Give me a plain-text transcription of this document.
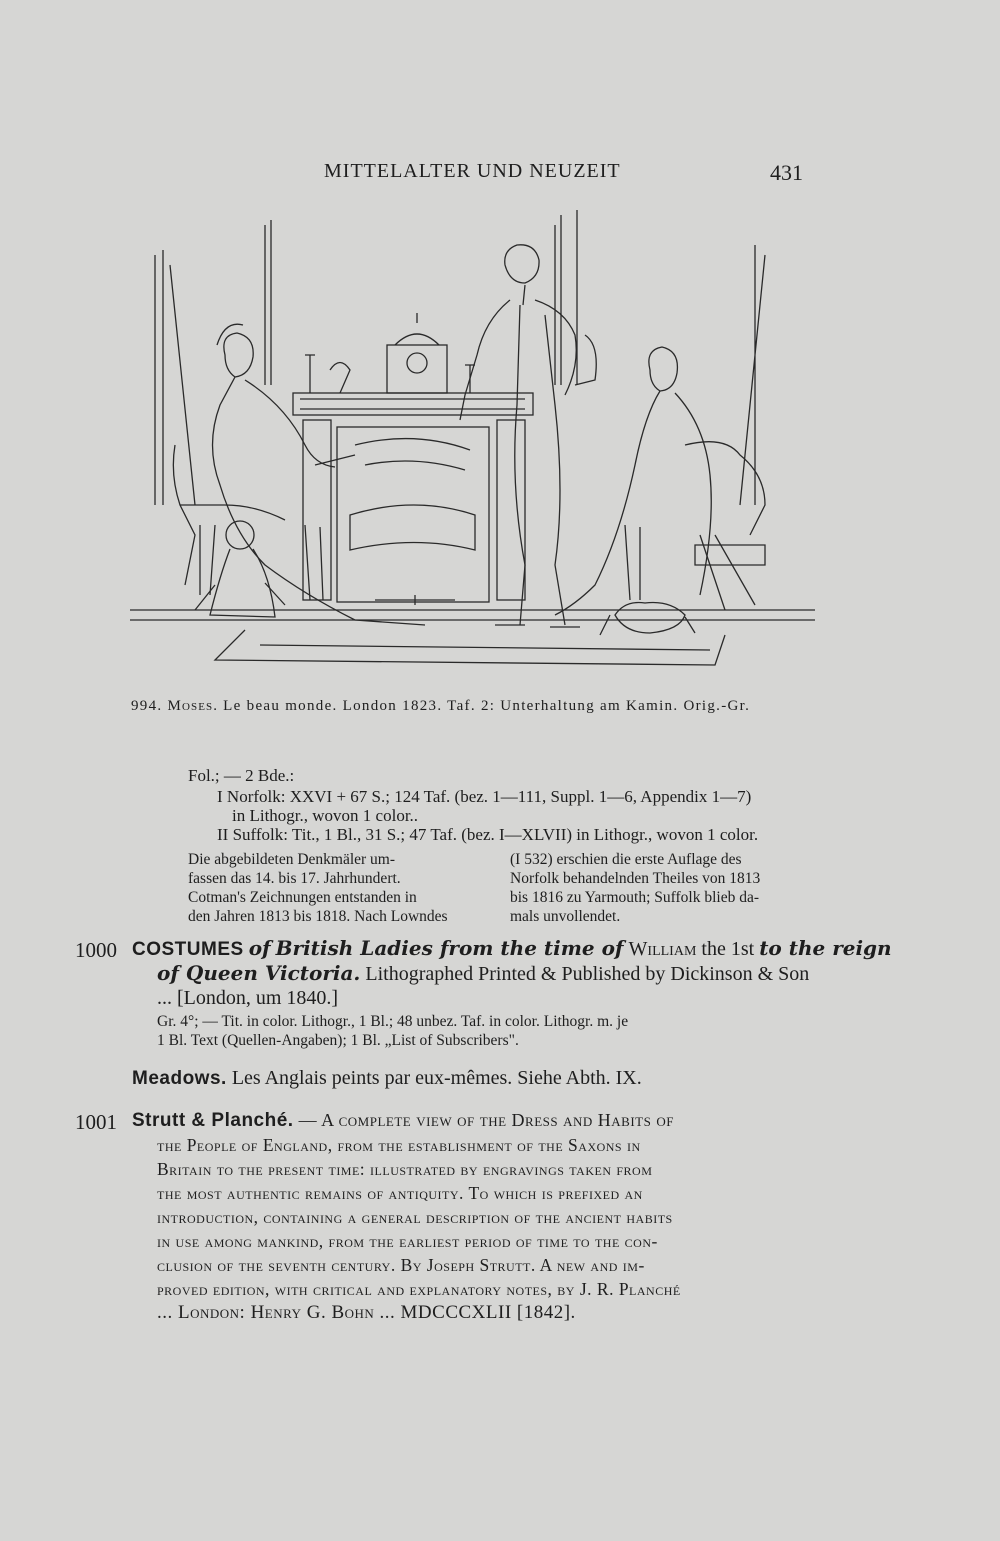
MITTELALTER UND NEUZEIT	431
994. Moses. Le beau monde. London 1823. Taf. 2: Unterhaltung am Kamin. Orig.-Gr.
Fol.; — 2 Bde.:
I Norfolk: XXVI + 67 S.; 124 Taf. (bez. 1—111, Suppl. 1—6, Appendix 1—7)
in Lithogr., wovon 1 color..
II Suffolk: Tit., 1 Bl., 31 S.; 47 Taf. (bez. I—XLVII) in Lithogr., wovon 1 color.
Die abgebildeten Denkmäler um-
fassen das 14. bis 17. Jahrhundert.
Cotman's Zeichnungen entstanden in
den Jahren 1813 bis 1818. Nach Lowndes
(I 532) erschien die erste Auflage des
Norfolk behandelnden Theiles von 1813
bis 1816 zu Yarmouth; Suffolk blieb da-
mals unvollendet.
1000 COSTUMES of British Ladies from the time of William the 1st to the reign
of Queen Victoria. Lithographed Printed & Published by Dickinson & Son
... [London, um 1840.]
Gr. 4°; — Tit. in color. Lithogr., 1 Bl.; 48 unbez. Taf. in color. Lithogr. m. je
1 Bl. Text (Quellen-Angaben); 1 Bl. „List of Subscribers".
Meadows. Les Anglais peints par eux-mêmes. Siehe Abth. IX.
1001 Strutt & Planché. — A complete view of the Dress and Habits of
the People of England, from the establishment of the Saxons in
Britain to the present time: illustrated by engravings taken from
the most authentic remains of antiquity. To which is prefixed an
introduction, containing a general description of the ancient habits
in use among mankind, from the earliest period of time to the con-
clusion of the seventh century. By Joseph Strutt. A new and im-
proved edition, with critical and explanatory notes, by J. R. Planché
... London: Henry G. Bohn ... MDCCCXLII [1842].
